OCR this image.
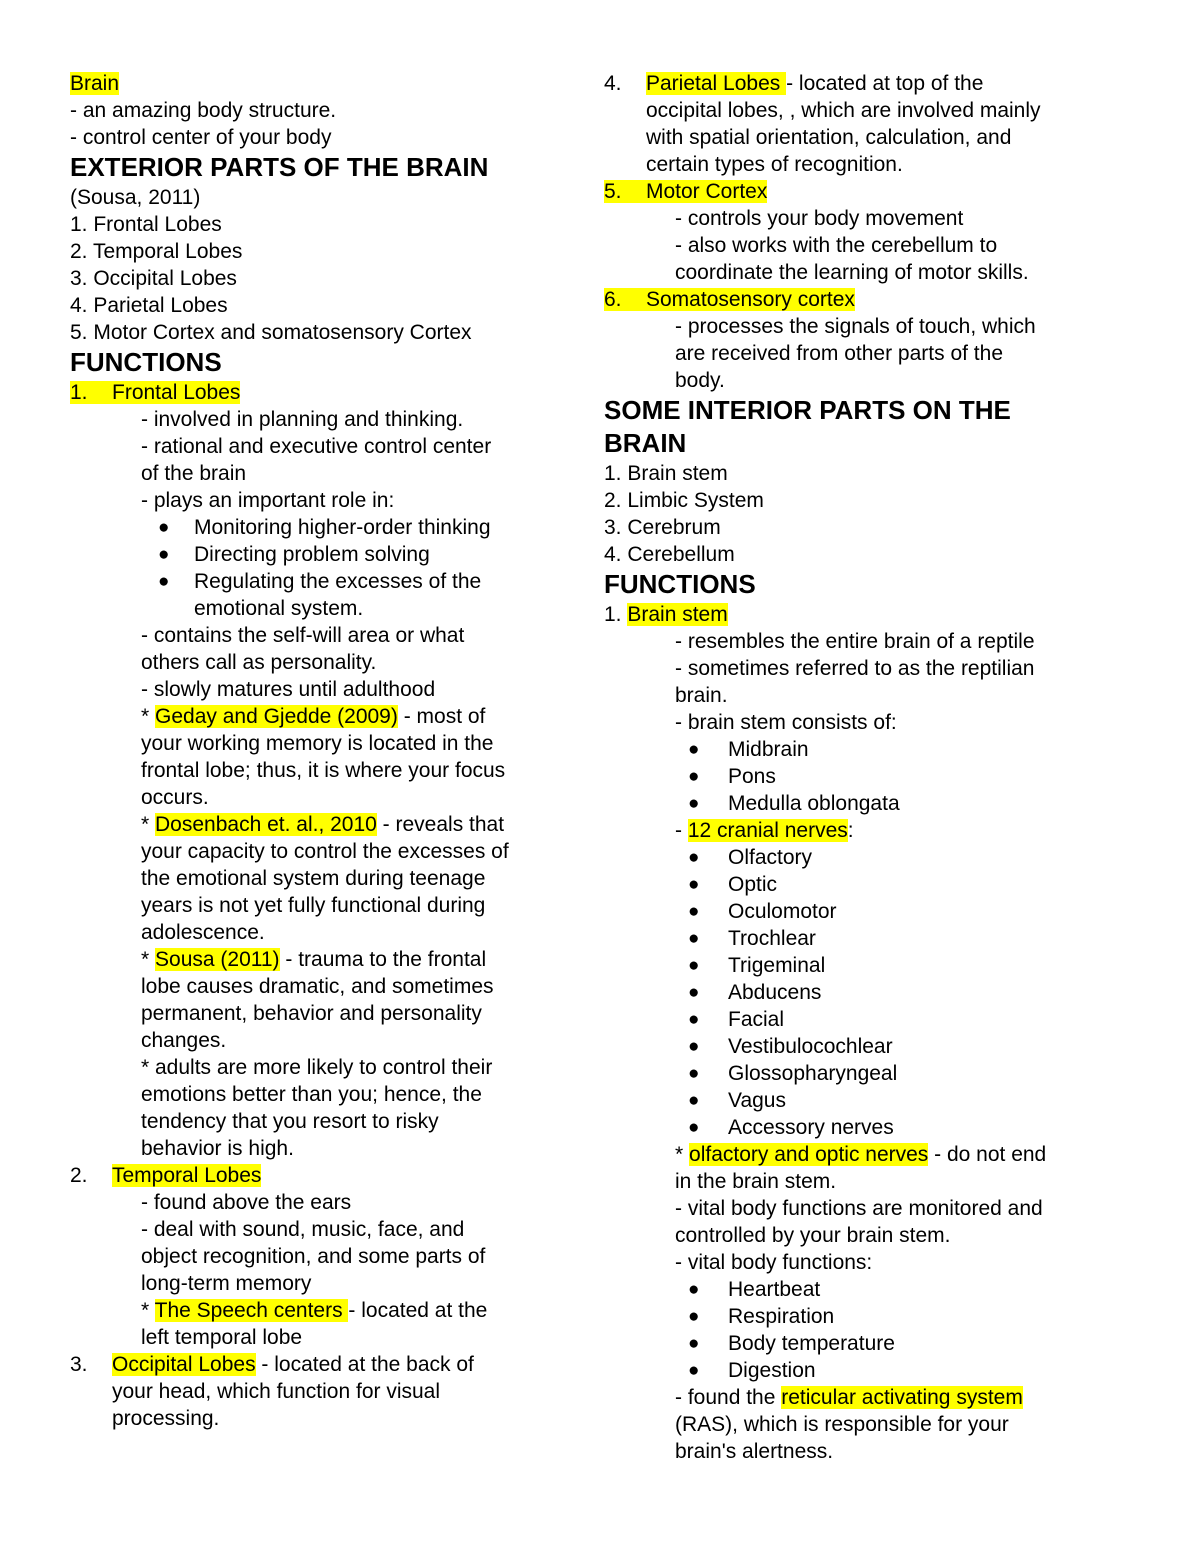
Brain
- an amazing body structure.
- control center of your body
EXTERIOR PARTS OF THE BRAIN
(Sousa, 2011)
1. Frontal Lobes
2. Temporal Lobes
3. Occipital Lobes
4. Parietal Lobes
5. Motor Cortex and somatosensory Cortex
FUNCTIONS
1. Frontal Lobes
- involved in planning and thinking.
- rational and executive control center
of the brain
- plays an important role in:
● Monitoring higher-order thinking
● Directing problem solving
● Regulating the excesses of the
emotional system.
- contains the self-will area or what
others call as personality.
- slowly matures until adulthood
* Geday and Gjedde (2009) - most of
your working memory is located in the
frontal lobe; thus, it is where your focus
occurs.
* Dosenbach et. al., 2010 - reveals that
your capacity to control the excesses of
the emotional system during teenage
years is not yet fully functional during
adolescence.
* Sousa (2011) - trauma to the frontal
lobe causes dramatic, and sometimes
permanent, behavior and personality
changes.
* adults are more likely to control their
emotions better than you; hence, the
tendency that you resort to risky
behavior is high.
2. Temporal Lobes
- found above the ears
- deal with sound, music, face, and
object recognition, and some parts of
long-term memory
* The Speech centers - located at the
left temporal lobe
3. Occipital Lobes - located at the back of
your head, which function for visual
processing.
4. Parietal Lobes - located at top of the
occipital lobes, , which are involved mainly
with spatial orientation, calculation, and
certain types of recognition.
5. Motor Cortex
- controls your body movement
- also works with the cerebellum to
coordinate the learning of motor skills.
6. Somatosensory cortex
- processes the signals of touch, which
are received from other parts of the
body.
SOME INTERIOR PARTS ON THE
BRAIN
1. Brain stem
2. Limbic System
3. Cerebrum
4. Cerebellum
FUNCTIONS
1. Brain stem
- resembles the entire brain of a reptile
- sometimes referred to as the reptilian
brain.
- brain stem consists of:
● Midbrain
● Pons
● Medulla oblongata
- 12 cranial nerves:
● Olfactory
● Optic
● Oculomotor
● Trochlear
● Trigeminal
● Abducens
● Facial
● Vestibulocochlear
● Glossopharyngeal
● Vagus
● Accessory nerves
* olfactory and optic nerves - do not end
in the brain stem.
- vital body functions are monitored and
controlled by your brain stem.
- vital body functions:
● Heartbeat
● Respiration
● Body temperature
● Digestion
- found the reticular activating system
(RAS), which is responsible for your
brain's alertness.
